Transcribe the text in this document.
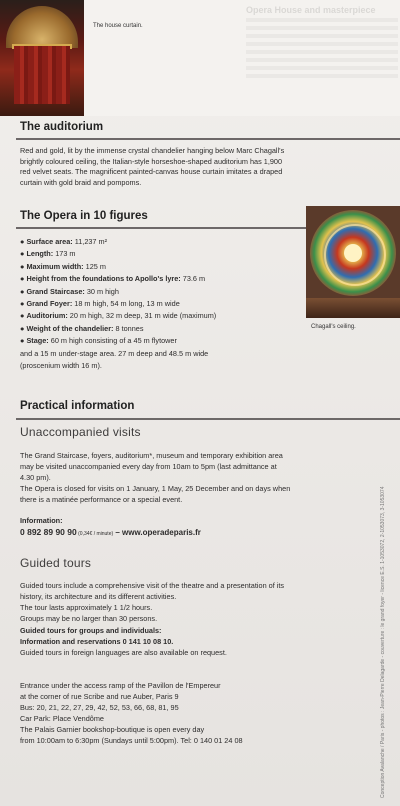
The house curtain.
Opera House and masterpiece
The auditorium
Red and gold, lit by the immense crystal chandelier hanging below Marc Chagall's
brightly coloured ceiling, the Italian-style horseshoe-shaped auditorium has 1,900
red velvet seats. The magnificent painted-canvas house curtain imitates a draped
curtain with gold braid and pompoms.
The Opera in 10 figures
Chagall's ceiling.
● Surface area: 11,237 m²
● Length: 173 m
● Maximum width: 125 m
● Height from the foundations to Apollo's lyre: 73.6 m
● Grand Staircase: 30 m high
● Grand Foyer: 18 m high, 54 m long, 13 m wide
● Auditorium: 20 m high, 32 m deep, 31 m wide (maximum)
● Weight of the chandelier: 8 tonnes
● Stage: 60 m high consisting of a 45 m flytower
and a 15 m under-stage area. 27 m deep and 48.5 m wide
(proscenium width 16 m).
Practical information
Unaccompanied visits
The Grand Staircase, foyers, auditorium*, museum and temporary exhibition area
may be visited unaccompanied every day from 10am to 5pm (last admittance at
4.30 pm).
The Opera is closed for visits on 1 January, 1 May, 25 December and on days when
there is a matinée performance or a special event.
Information:
0 892 89 90 90 (0,34€ / minute) – www.operadeparis.fr
Guided tours
Guided tours include a comprehensive visit of the theatre and a presentation of its
history, its architecture and its different activities.
The tour lasts approximately 1 1/2 hours.
Groups may be no larger than 30 persons.
Guided tours for groups and individuals:
Information and reservations 0 141 10 08 10.
Guided tours in foreign languages are also available on request.
Entrance under the access ramp of the Pavillon de l'Empereur
at the corner of rue Scribe and rue Auber, Paris 9
Bus: 20, 21, 22, 27, 29, 42, 52, 53, 66, 68, 81, 95
Car Park: Place Vendôme
The Palais Garnier bookshop-boutique is open every day
from 10:00am to 6:30pm (Sundays until 5:00pm). Tel: 0 140 01 24 08	Conception Avalanche / Paris - photos : Jean-Pierre Delagarde - couverture : le grand foyer - licence E.S. 1-1053072, 2-1053073, 3-1053074
